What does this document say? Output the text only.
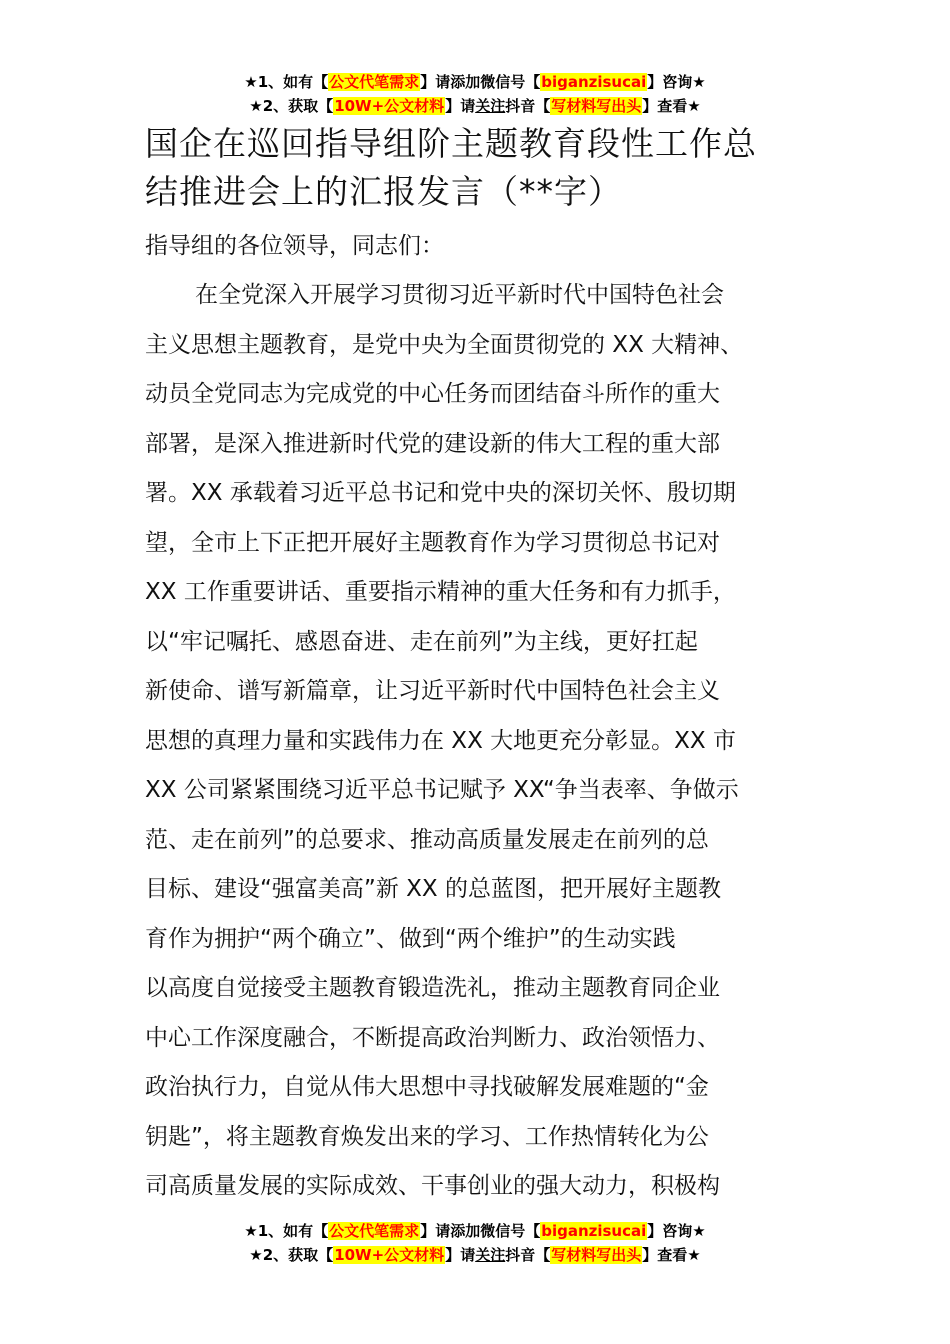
★1、如有【公文代笔需求】请添加微信号【biganzisucai】咨询★
★2、获取【10W+公文材料】请关注抖音【写材料写出头】查看★
国企在巡回指导组阶主题教育段性工作总
结推进会上的汇报发言（**字）
指导组的各位领导，同志们：
在全党深入开展学习贯彻习近平新时代中国特色社会
主义思想主题教育，是党中央为全面贯彻党的 XX 大精神、
动员全党同志为完成党的中心任务而团结奋斗所作的重大
部署，是深入推进新时代党的建设新的伟大工程的重大部
署。XX 承载着习近平总书记和党中央的深切关怀、殷切期
望，全市上下正把开展好主题教育作为学习贯彻总书记对
XX 工作重要讲话、重要指示精神的重大任务和有力抓手，
以“牢记嘱托、感恩奋进、走在前列”为主线，更好扛起
新使命、谱写新篇章，让习近平新时代中国特色社会主义
思想的真理力量和实践伟力在 XX 大地更充分彰显。XX 市
XX 公司紧紧围绕习近平总书记赋予 XX“争当表率、争做示
范、走在前列”的总要求、推动高质量发展走在前列的总
目标、建设“强富美高”新 XX 的总蓝图，把开展好主题教
育作为拥护“两个确立”、做到“两个维护”的生动实践
以高度自觉接受主题教育锻造洗礼，推动主题教育同企业
中心工作深度融合，不断提高政治判断力、政治领悟力、
政治执行力，自觉从伟大思想中寻找破解发展难题的“金
钥匙”，将主题教育焕发出来的学习、工作热情转化为公
司高质量发展的实际成效、干事创业的强大动力，积极构
★1、如有【公文代笔需求】请添加微信号【biganzisucai】咨询★
★2、获取【10W+公文材料】请关注抖音【写材料写出头】查看★
